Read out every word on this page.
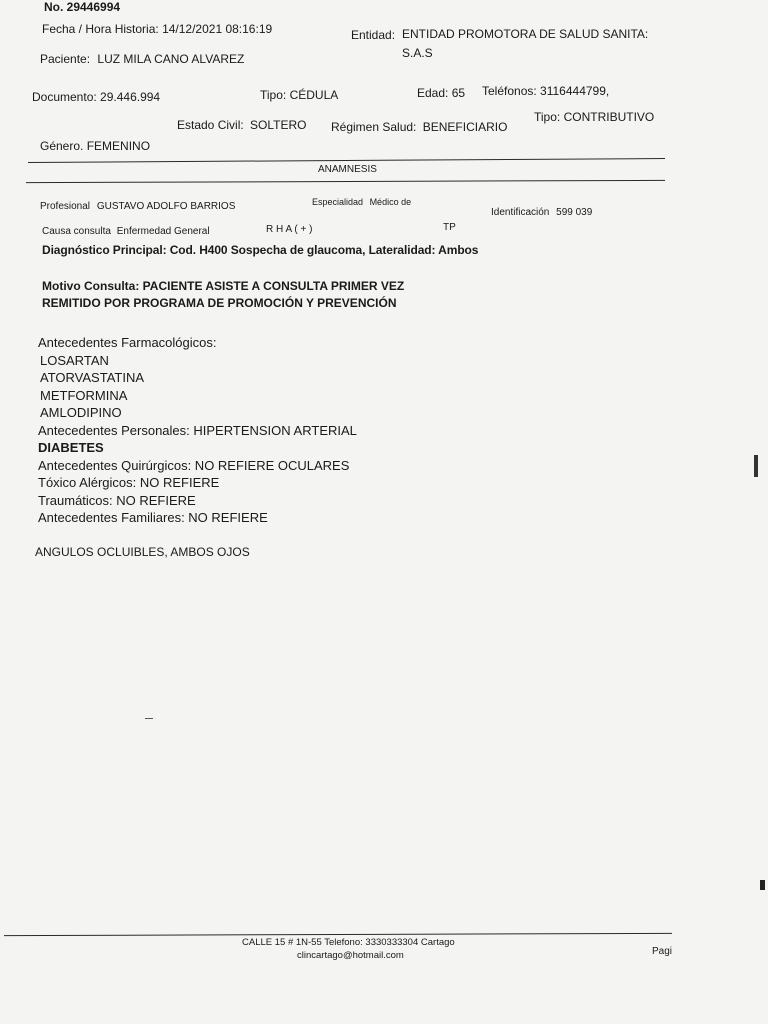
No. 29446994
Fecha / Hora Historia: 14/12/2021 08:16:19	Entidad: ENTIDAD PROMOTORA DE SALUD SANITA:
S.A.S
Paciente: LUZ MILA CANO ALVAREZ
Documento: 29.446.994	Tipo: CÉDULA	Edad: 65 Teléfonos: 3116444799,
Estado Civil: SOLTERO Régimen Salud: BENEFICIARIO
Tipo: CONTRIBUTIVO
Género. FEMENINO
ANAMNESIS
Profesional GUSTAVO ADOLFO BARRIOS	Especialidad Médico de
Identificación 599 039
Causa consulta Enfermedad General	R H A ( + )	TP
Diagnóstico Principal: Cod. H400 Sospecha de glaucoma, Lateralidad: Ambos
Motivo Consulta: PACIENTE ASISTE A CONSULTA PRIMER VEZ
REMITIDO POR PROGRAMA DE PROMOCIÓN Y PREVENCIÓN
Antecedentes Farmacológicos:
LOSARTAN
ATORVASTATINA
METFORMINA
AMLODIPINO
Antecedentes Personales: HIPERTENSION ARTERIAL
DIABETES
Antecedentes Quirúrgicos: NO REFIERE OCULARES
Tóxico Alérgicos: NO REFIERE
Traumáticos: NO REFIERE
Antecedentes Familiares: NO REFIERE
ANGULOS OCLUIBLES, AMBOS OJOS
CALLE 15 # 1N-55 Telefono: 3330333304 Cartago
clincartago@hotmail.com	Pagi
